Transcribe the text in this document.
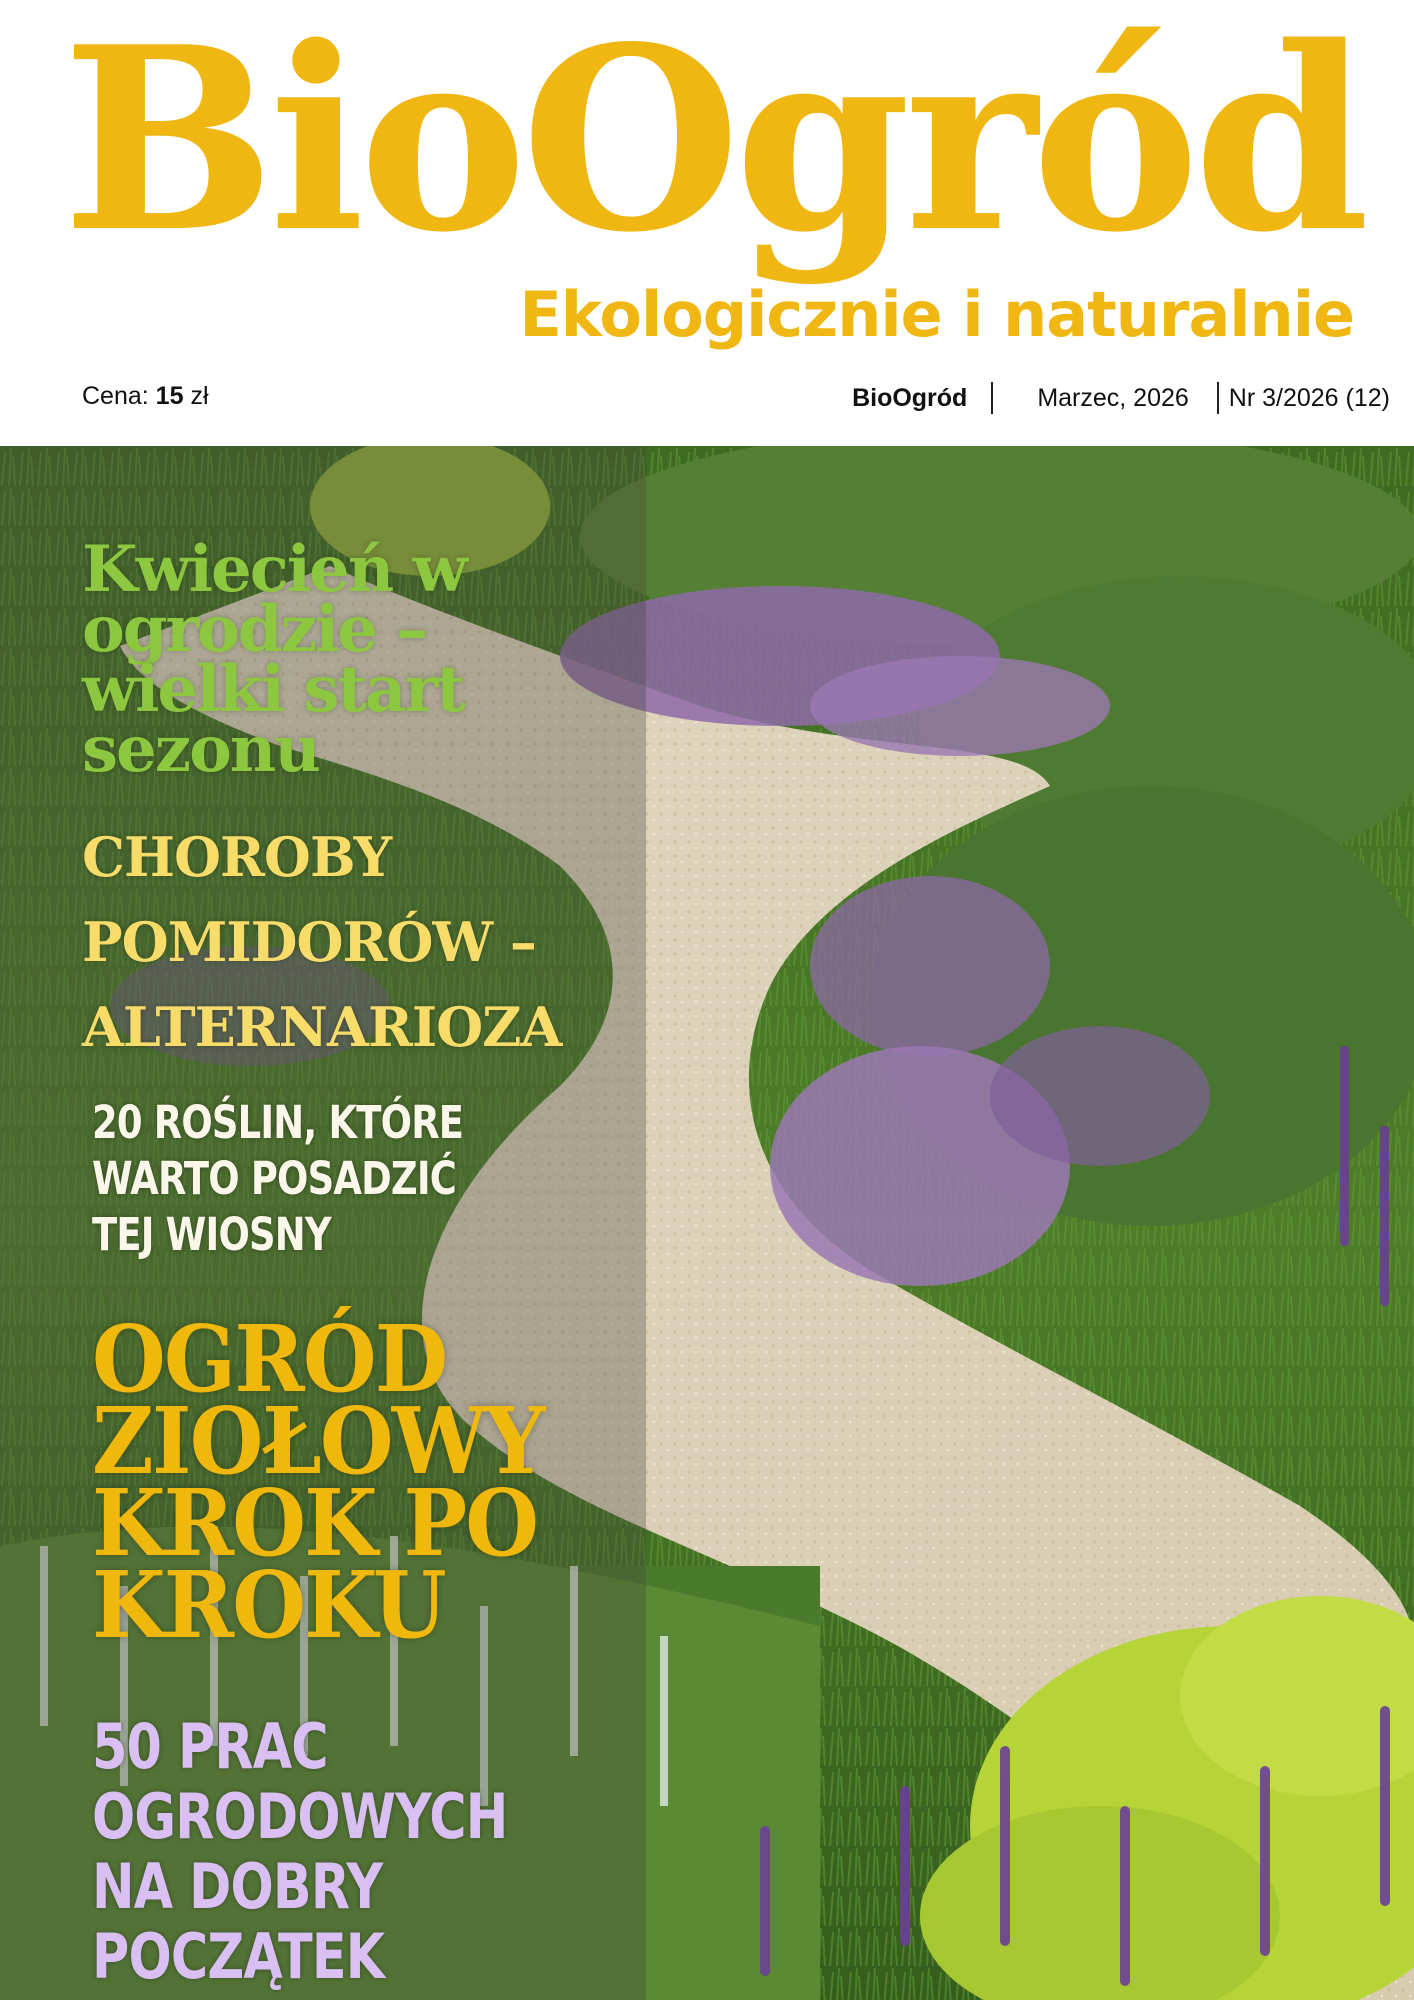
BioOgród
Ekologicznie i naturalnie
Cena: 15 zł	BioOgród	Marzec, 2026 Nr 3/2026 (12)

Kwiecień w ogrodzie – wielki start sezonu

CHOROBY POMIDORÓW – ALTERNARIOZA

20 ROŚLIN, KTÓRE WARTO POSADZIĆ TEJ WIOSNY

OGRÓD ZIOŁOWY KROK PO KROKU

50 PRAC OGRODOWYCH NA DOBRY POCZĄTEK
